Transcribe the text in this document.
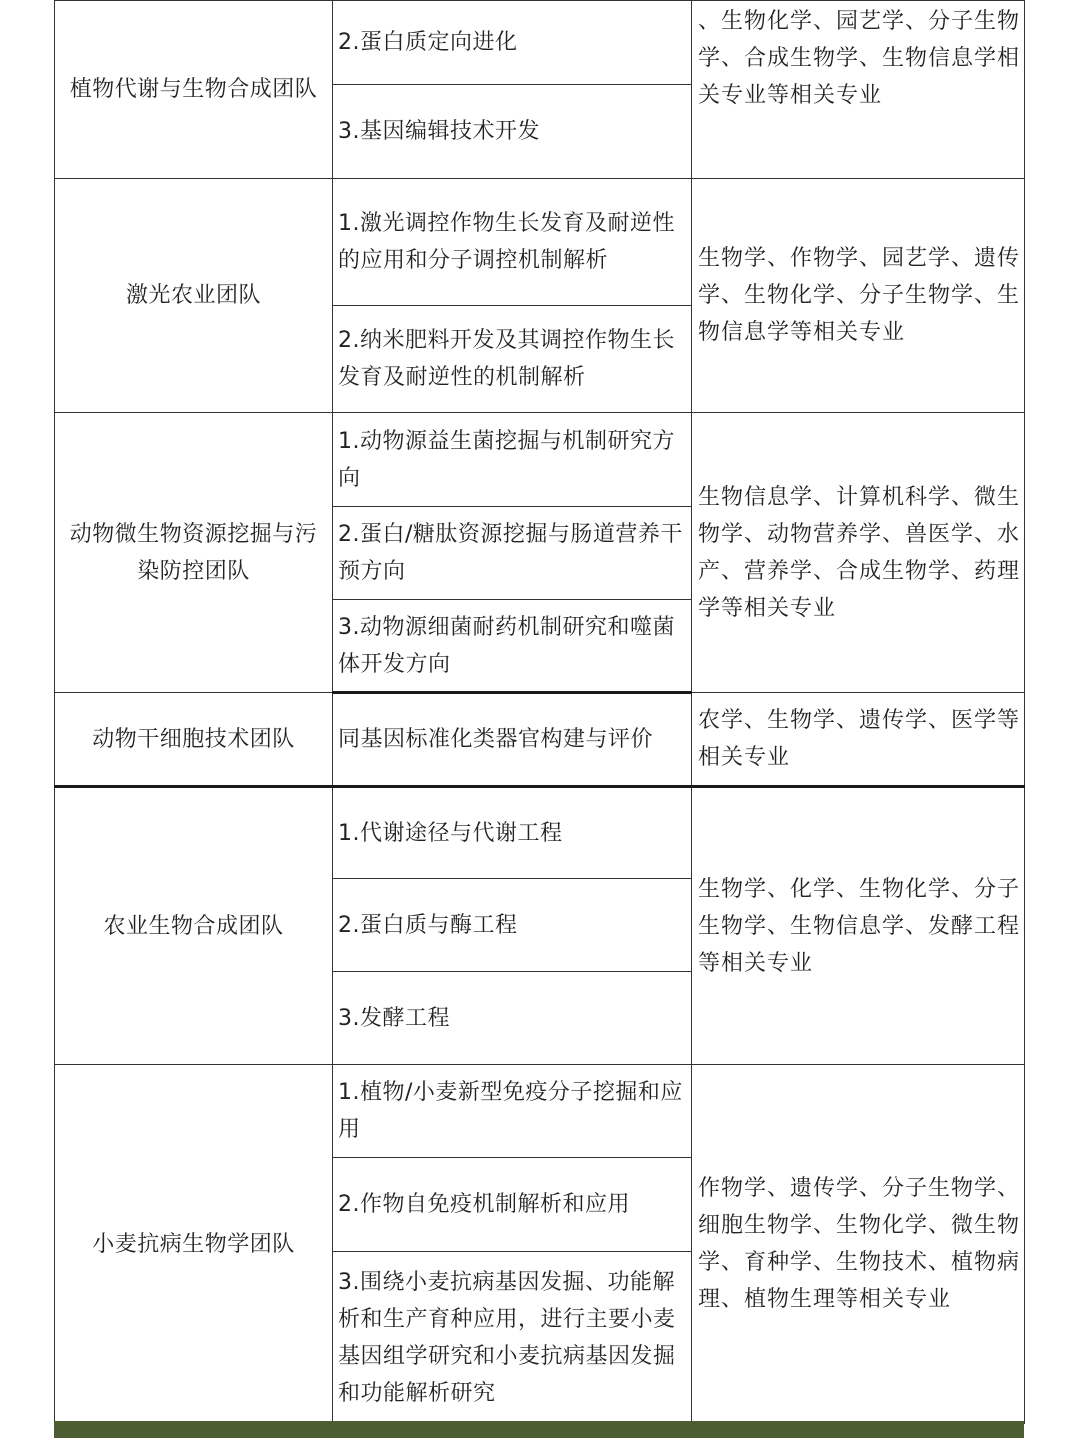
植物代谢与生物合成团队	2.蛋白质定向进化	、生物化学、园艺学、分子生物学、合成生物学、生物信息学相关专业等相关专业
	3.基因编辑技术开发	
激光农业团队	1.激光调控作物生长发育及耐逆性的应用和分子调控机制解析	生物学、作物学、园艺学、遗传学、生物化学、分子生物学、生物信息学等相关专业
	2.纳米肥料开发及其调控作物生长发育及耐逆性的机制解析	
动物微生物资源挖掘与污染防控团队	1.动物源益生菌挖掘与机制研究方向	生物信息学、计算机科学、微生物学、动物营养学、兽医学、水产、营养学、合成生物学、药理学等相关专业
	2.蛋白/糖肽资源挖掘与肠道营养干预方向	
	3.动物源细菌耐药机制研究和噬菌体开发方向	
动物干细胞技术团队	同基因标准化类器官构建与评价	农学、生物学、遗传学、医学等相关专业
农业生物合成团队	1.代谢途径与代谢工程	生物学、化学、生物化学、分子生物学、生物信息学、发酵工程等相关专业
	2.蛋白质与酶工程	
	3.发酵工程	
小麦抗病生物学团队	1.植物/小麦新型免疫分子挖掘和应用	作物学、遗传学、分子生物学、细胞生物学、生物化学、微生物学、育种学、生物技术、植物病理、植物生理等相关专业
	2.作物自免疫机制解析和应用	
	3.围绕小麦抗病基因发掘、功能解析和生产育种应用，进行主要小麦基因组学研究和小麦抗病基因发掘和功能解析研究	
